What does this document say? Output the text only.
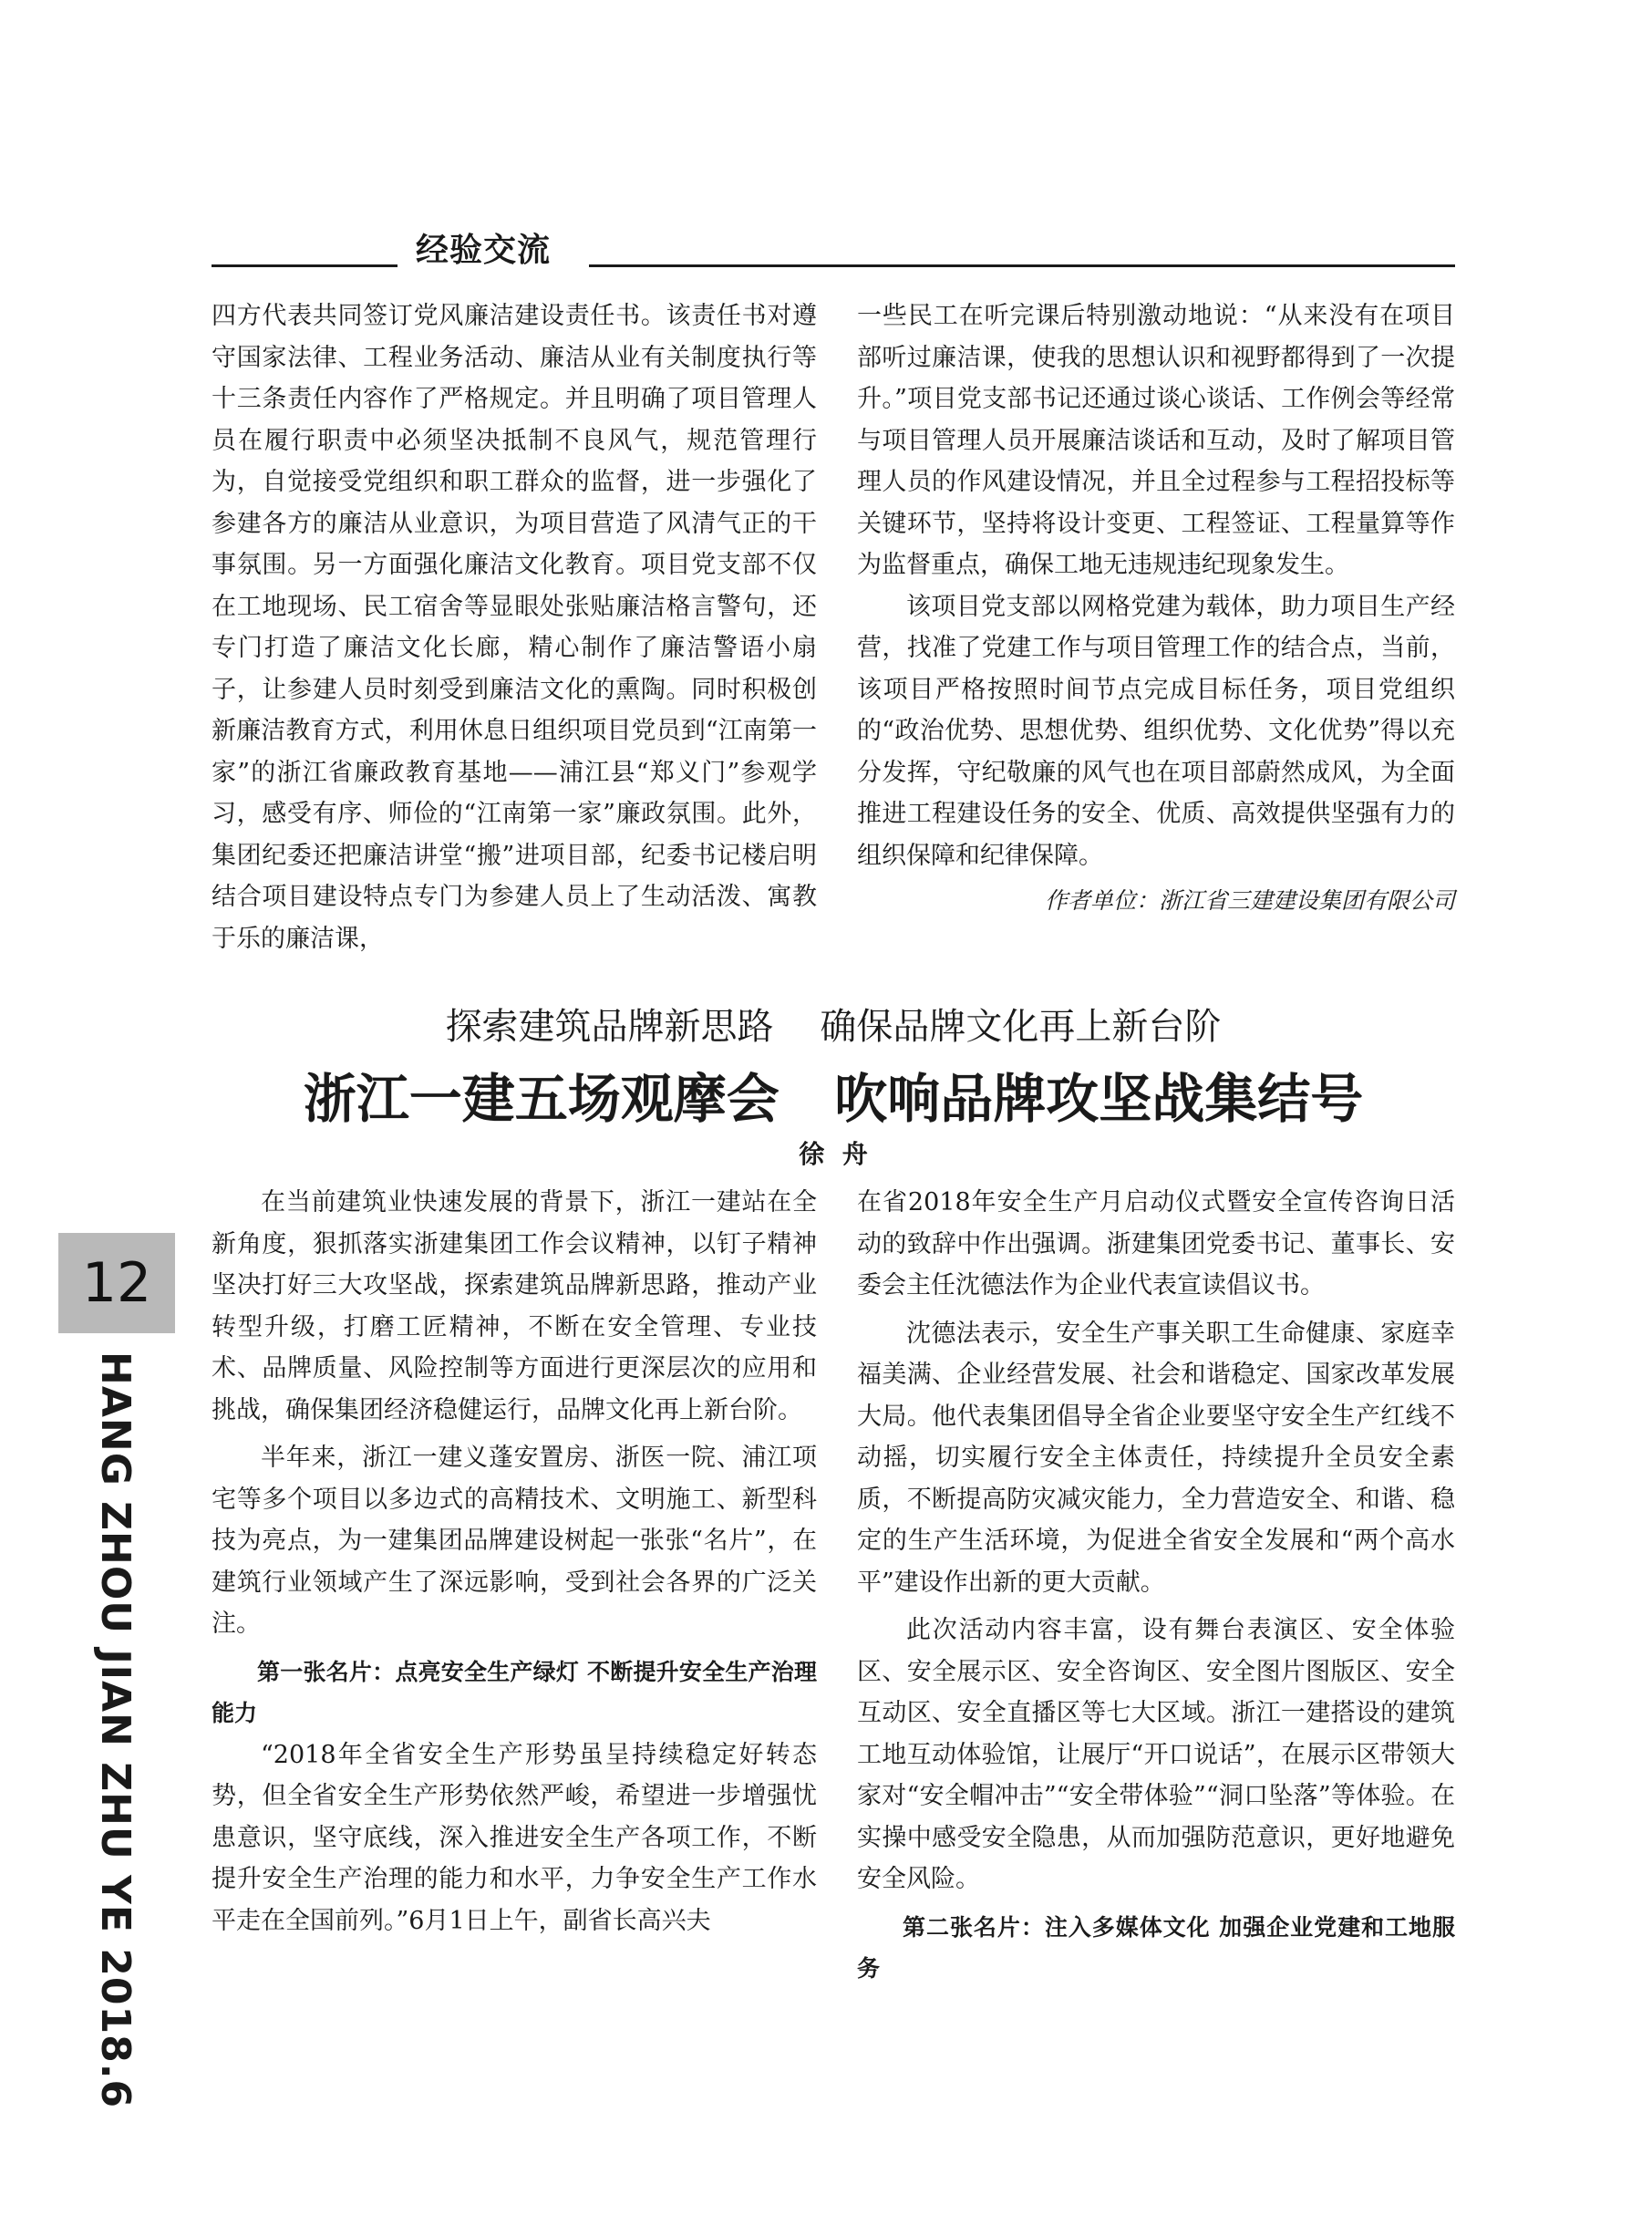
经验交流

四方代表共同签订党风廉洁建设责任书。该责任书对遵守国家法律、工程业务活动、廉洁从业有关制度执行等十三条责任内容作了严格规定。并且明确了项目管理人员在履行职责中必须坚决抵制不良风气，规范管理行为，自觉接受党组织和职工群众的监督，进一步强化了参建各方的廉洁从业意识，为项目营造了风清气正的干事氛围。另一方面强化廉洁文化教育。项目党支部不仅在工地现场、民工宿舍等显眼处张贴廉洁格言警句，还专门打造了廉洁文化长廊，精心制作了廉洁警语小扇子，让参建人员时刻受到廉洁文化的熏陶。同时积极创新廉洁教育方式，利用休息日组织项目党员到“江南第一家”的浙江省廉政教育基地——浦江县“郑义门”参观学习，感受有序、师俭的“江南第一家”廉政氛围。此外，集团纪委还把廉洁讲堂“搬”进项目部，纪委书记楼启明结合项目建设特点专门为参建人员上了生动活泼、寓教于乐的廉洁课，

一些民工在听完课后特别激动地说：“从来没有在项目部听过廉洁课，使我的思想认识和视野都得到了一次提升。”项目党支部书记还通过谈心谈话、工作例会等经常与项目管理人员开展廉洁谈话和互动，及时了解项目管理人员的作风建设情况，并且全过程参与工程招投标等关键环节，坚持将设计变更、工程签证、工程量算等作为监督重点，确保工地无违规违纪现象发生。

该项目党支部以网格党建为载体，助力项目生产经营，找准了党建工作与项目管理工作的结合点，当前，该项目严格按照时间节点完成目标任务，项目党组织的“政治优势、思想优势、组织优势、文化优势”得以充分发挥，守纪敬廉的风气也在项目部蔚然成风，为全面推进工程建设任务的安全、优质、高效提供坚强有力的组织保障和纪律保障。

作者单位：浙江省三建建设集团有限公司
探索建筑品牌新思路    确保品牌文化再上新台阶
浙江一建五场观摩会   吹响品牌攻坚战集结号
徐  舟

在当前建筑业快速发展的背景下，浙江一建站在全新角度，狠抓落实浙建集团工作会议精神，以钉子精神坚决打好三大攻坚战，探索建筑品牌新思路，推动产业转型升级，打磨工匠精神，不断在安全管理、专业技术、品牌质量、风险控制等方面进行更深层次的应用和挑战，确保集团经济稳健运行，品牌文化再上新台阶。

半年来，浙江一建义蓬安置房、浙医一院、浦江项宅等多个项目以多边式的高精技术、文明施工、新型科技为亮点，为一建集团品牌建设树起一张张“名片”，在建筑行业领域产生了深远影响，受到社会各界的广泛关注。

第一张名片：点亮安全生产绿灯 不断提升安全生产治理能力

“2018年全省安全生产形势虽呈持续稳定好转态势，但全省安全生产形势依然严峻，希望进一步增强忧患意识，坚守底线，深入推进安全生产各项工作，不断提升安全生产治理的能力和水平，力争安全生产工作水平走在全国前列。”6月1日上午，副省长高兴夫

在省2018年安全生产月启动仪式暨安全宣传咨询日活动的致辞中作出强调。浙建集团党委书记、董事长、安委会主任沈德法作为企业代表宣读倡议书。

沈德法表示，安全生产事关职工生命健康、家庭幸福美满、企业经营发展、社会和谐稳定、国家改革发展大局。他代表集团倡导全省企业要坚守安全生产红线不动摇，切实履行安全主体责任，持续提升全员安全素质，不断提高防灾减灾能力，全力营造安全、和谐、稳定的生产生活环境，为促进全省安全发展和“两个高水平”建设作出新的更大贡献。

此次活动内容丰富，设有舞台表演区、安全体验区、安全展示区、安全咨询区、安全图片图版区、安全互动区、安全直播区等七大区域。浙江一建搭设的建筑工地互动体验馆，让展厅“开口说话”，在展示区带领大家对“安全帽冲击”“安全带体验”“洞口坠落”等体验。在实操中感受安全隐患，从而加强防范意识，更好地避免安全风险。

第二张名片：注入多媒体文化 加强企业党建和工地服务

12
HANG ZHOU JIAN ZHU YE 2018.6
